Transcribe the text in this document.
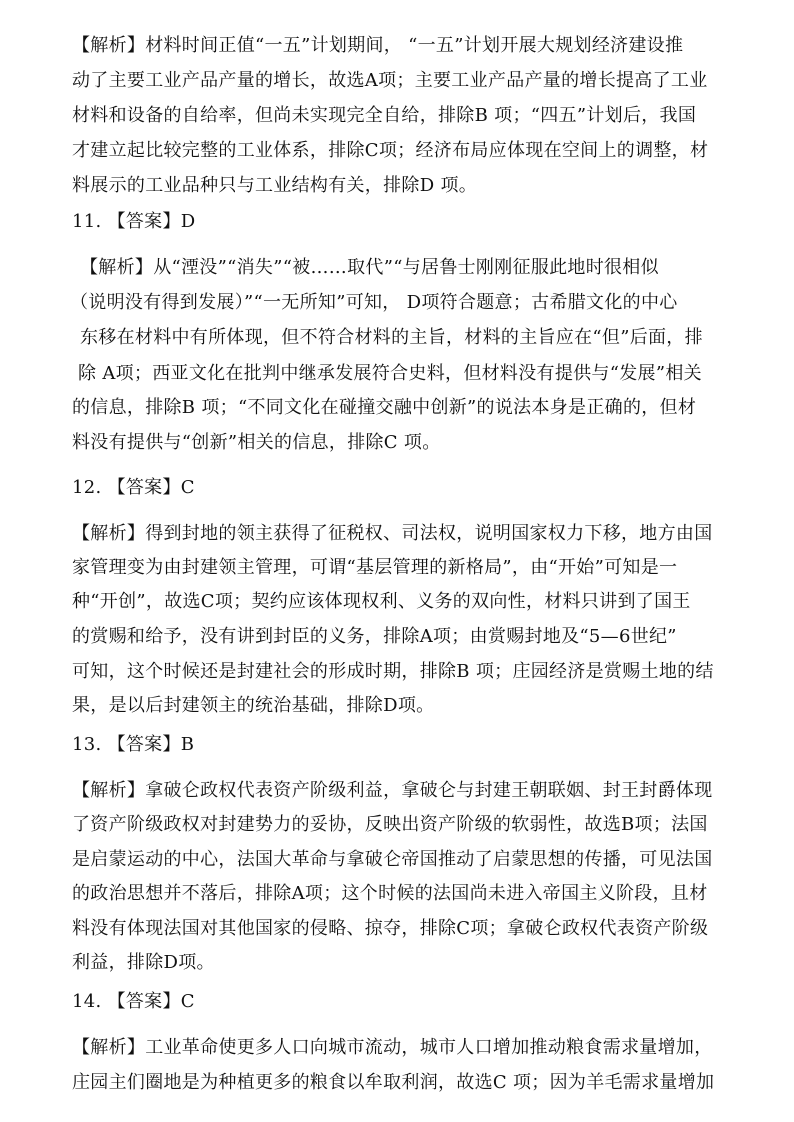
【解析】材料时间正值“一五”计划期间， “一五”计划开展大规划经济建设推
动了主要工业产品产量的增长，故选A项；主要工业产品产量的增长提高了工业
材料和设备的自给率，但尚未实现完全自给，排除B 项；“四五”计划后，我国
才建立起比较完整的工业体系，排除C项；经济布局应体现在空间上的调整，材
料展示的工业品种只与工业结构有关，排除D 项。
11. 【答案】D
【解析】从“湮没”“消失”“被……取代”“与居鲁士刚刚征服此地时很相似
（说明没有得到发展）”“一无所知”可知， D项符合题意；古希腊文化的中心
东移在材料中有所体现，但不符合材料的主旨，材料的主旨应在“但”后面，排
除 A项；西亚文化在批判中继承发展符合史料，但材料没有提供与“发展”相关
的信息，排除B 项；“不同文化在碰撞交融中创新”的说法本身是正确的，但材
料没有提供与“创新”相关的信息，排除C 项。
12. 【答案】C
【解析】得到封地的领主获得了征税权、司法权，说明国家权力下移，地方由国
家管理变为由封建领主管理，可谓“基层管理的新格局”，由“开始”可知是一
种“开创”，故选C项；契约应该体现权利、义务的双向性，材料只讲到了国王
的赏赐和给予，没有讲到封臣的义务，排除A项；由赏赐封地及“5—6世纪”
可知，这个时候还是封建社会的形成时期，排除B 项；庄园经济是赏赐土地的结
果，是以后封建领主的统治基础，排除D项。
13. 【答案】B
【解析】拿破仑政权代表资产阶级利益，拿破仑与封建王朝联姻、封王封爵体现
了资产阶级政权对封建势力的妥协，反映出资产阶级的软弱性，故选B项；法国
是启蒙运动的中心，法国大革命与拿破仑帝国推动了启蒙思想的传播，可见法国
的政治思想并不落后，排除A项；这个时候的法国尚未进入帝国主义阶段，且材
料没有体现法国对其他国家的侵略、掠夺，排除C项；拿破仑政权代表资产阶级
利益，排除D项。
14. 【答案】C
【解析】工业革命使更多人口向城市流动，城市人口增加推动粮食需求量增加，
庄园主们圈地是为种植更多的粮食以牟取利润，故选C 项；因为羊毛需求量增加
